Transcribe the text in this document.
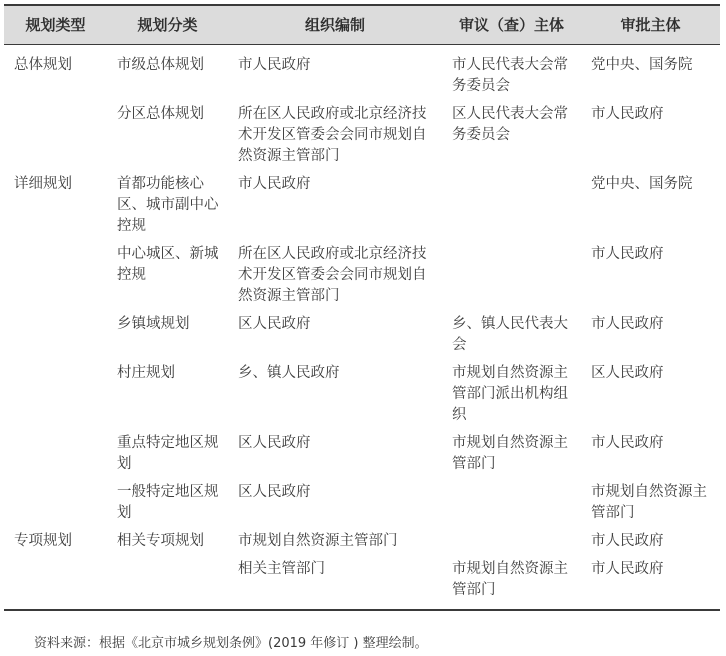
规划类型	规划分类	组织编制	审议（查）主体	审批主体
总体规划	市级总体规划	市人民政府	市人民代表大会常务委员会	党中央、国务院
	分区总体规划	所在区人民政府或北京经济技术开发区管委会会同市规划自然资源主管部门	区人民代表大会常务委员会	市人民政府
详细规划	首都功能核心区、城市副中心控规	市人民政府		党中央、国务院
	中心城区、新城控规	所在区人民政府或北京经济技术开发区管委会会同市规划自然资源主管部门		市人民政府
	乡镇域规划	区人民政府	乡、镇人民代表大会	市人民政府
	村庄规划	乡、镇人民政府	市规划自然资源主管部门派出机构组织	区人民政府
	重点特定地区规划	区人民政府	市规划自然资源主管部门	市人民政府
	一般特定地区规划	区人民政府		市规划自然资源主管部门
专项规划	相关专项规划	市规划自然资源主管部门		市人民政府
		相关主管部门	市规划自然资源主管部门	市人民政府
资料来源：根据《北京市城乡规划条例》(2019 年修订 ) 整理绘制。
